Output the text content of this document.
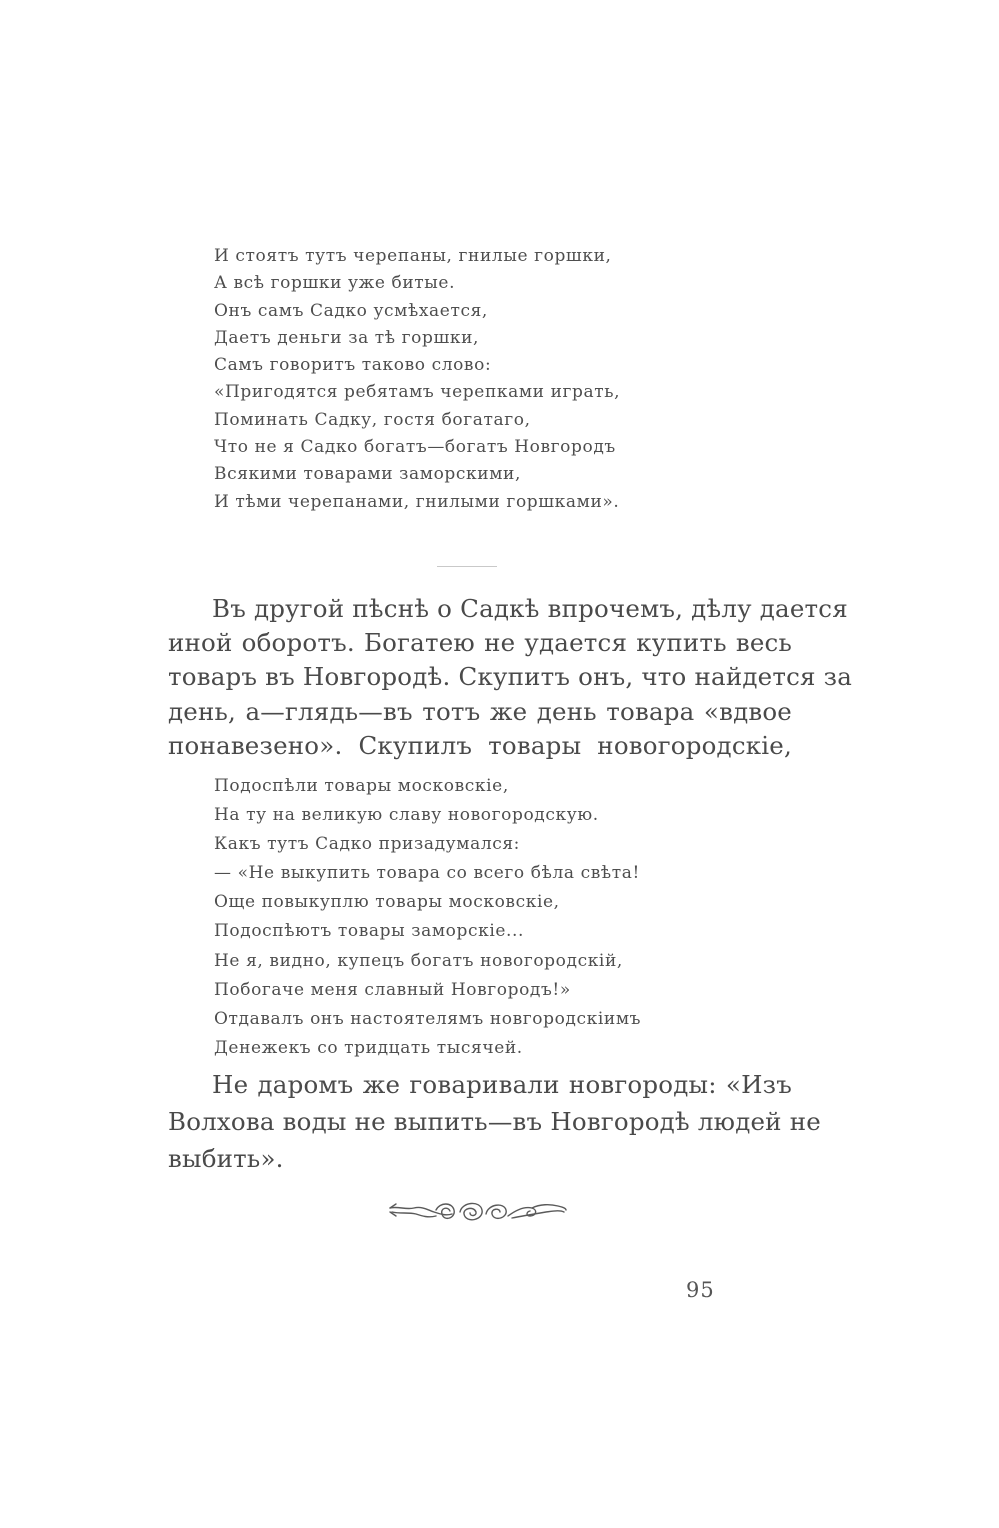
И стоятъ тутъ черепаны, гнилые горшки,
А всѣ горшки уже битые.
Онъ самъ Садко усмѣхается,
Даетъ деньги за тѣ горшки,
Самъ говоритъ таково слово:
«Пригодятся ребятамъ черепками играть,
Поминать Садку, гостя богатаго,
Что не я Садко богатъ—богатъ Новгородъ
Всякими товарами заморскими,
И тѣми черепанами, гнилыми горшками».
Въ другой пѣснѣ о Садкѣ впрочемъ, дѣлу дается
иной оборотъ. Богатею не удается купить весь
товаръ въ Новгородѣ. Скупитъ онъ, что найдется за
день, а—глядь—въ тотъ же день товара «вдвое
понавезено». Скупилъ товары новогородскіе,
Подоспѣли товары московскіе,
На ту на великую славу новогородскую.
Какъ тутъ Садко призадумался:
— «Не выкупить товара со всего бѣла свѣта!
Още повыкуплю товары московскіе,
Подоспѣютъ товары заморскіе...
Не я, видно, купецъ богатъ новогородскій,
Побогаче меня славный Новгородъ!»
Отдавалъ онъ настоятелямъ новгородскіимъ
Денежекъ со тридцать тысячей.
Не даромъ же говаривали новгороды: «Изъ
Волхова воды не выпить—въ Новгородѣ людей не
выбить».
95
